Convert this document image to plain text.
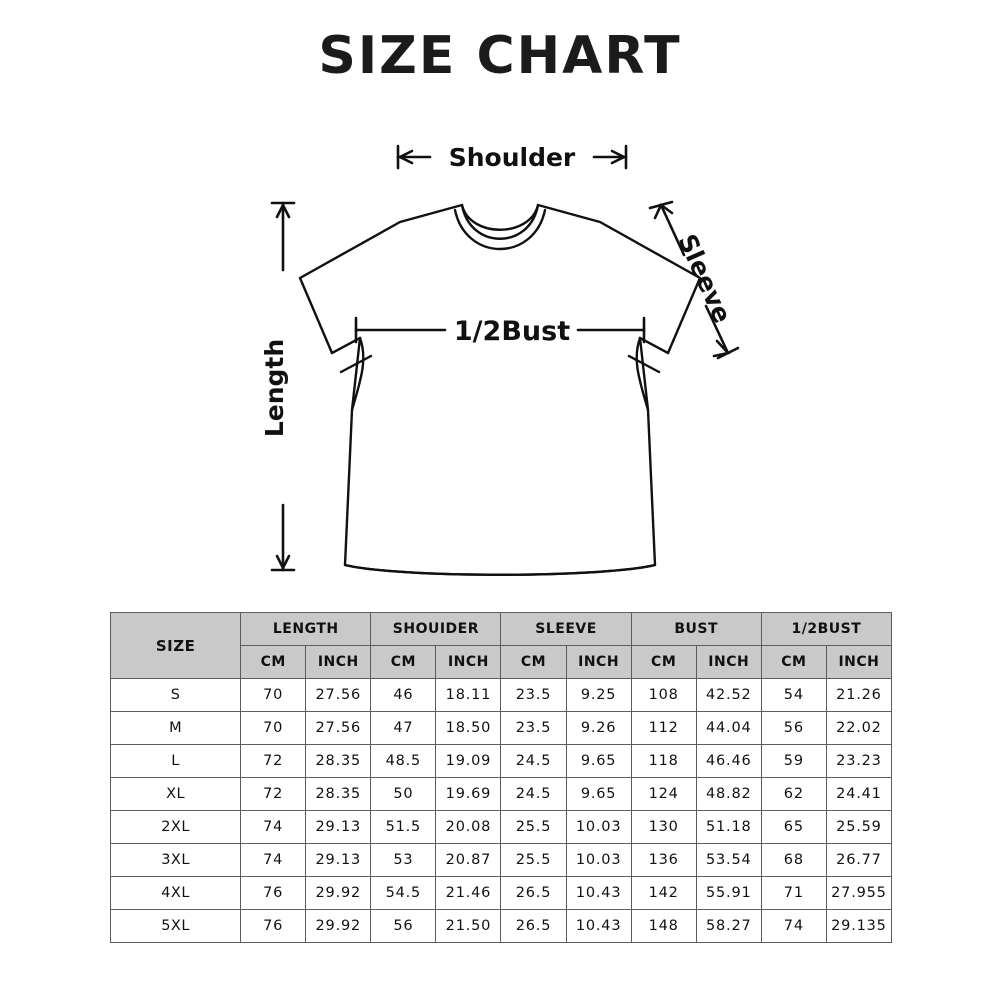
SIZE CHART
Shoulder
Length
Sleeve
1/2Bust
SIZE	LENGTH		SHOUIDER		SLEEVE		BUST		1/2BUST	
	CM	INCH	CM	INCH	CM	INCH	CM	INCH	CM	INCH
S	70	27.56	46	18.11	23.5	9.25	108	42.52	54	21.26
M	70	27.56	47	18.50	23.5	9.26	112	44.04	56	22.02
L	72	28.35	48.5	19.09	24.5	9.65	118	46.46	59	23.23
XL	72	28.35	50	19.69	24.5	9.65	124	48.82	62	24.41
2XL	74	29.13	51.5	20.08	25.5	10.03	130	51.18	65	25.59
3XL	74	29.13	53	20.87	25.5	10.03	136	53.54	68	26.77
4XL	76	29.92	54.5	21.46	26.5	10.43	142	55.91	71	27.955
5XL	76	29.92	56	21.50	26.5	10.43	148	58.27	74	29.135
